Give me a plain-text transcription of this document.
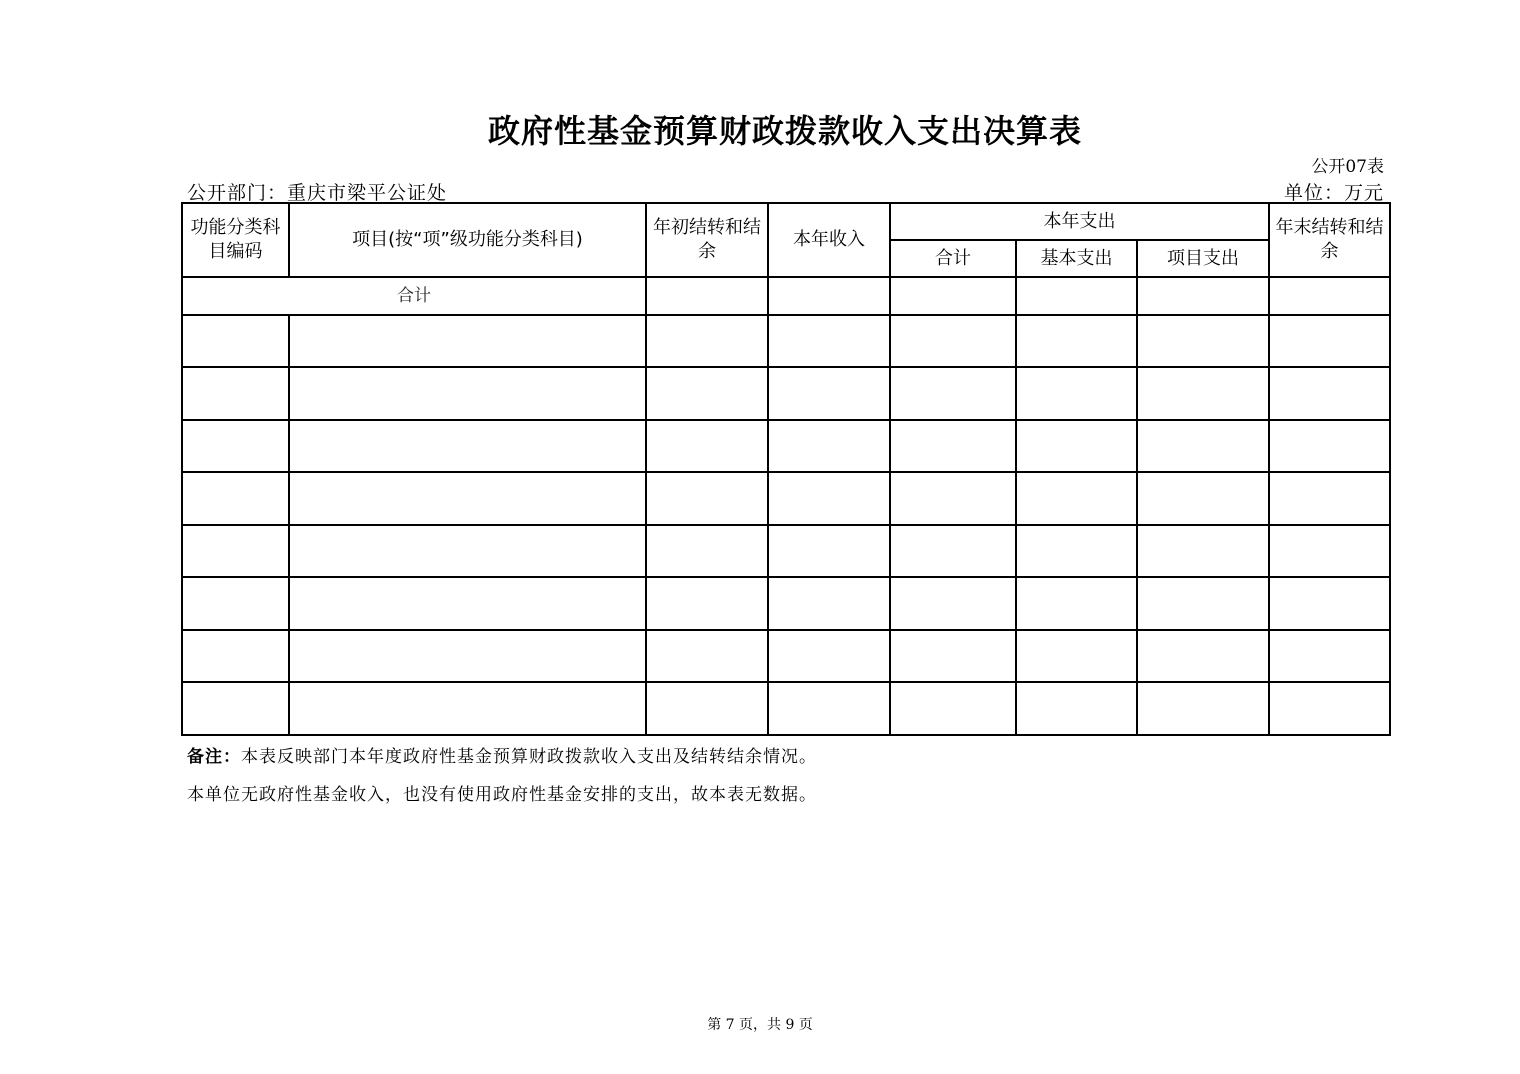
政府性基金预算财政拨款收入支出决算表
公开07表
公开部门：重庆市梁平公证处	单位：万元
功能分类科目编码	项目(按“项”级功能分类科目)	年初结转和结余	本年收入	本年支出			年末结转和结余
				合计	基本支出	项目支出	
合计							

备注：本表反映部门本年度政府性基金预算财政拨款收入支出及结转结余情况。
本单位无政府性基金收入，也没有使用政府性基金安排的支出，故本表无数据。
第 7 页，共 9 页
